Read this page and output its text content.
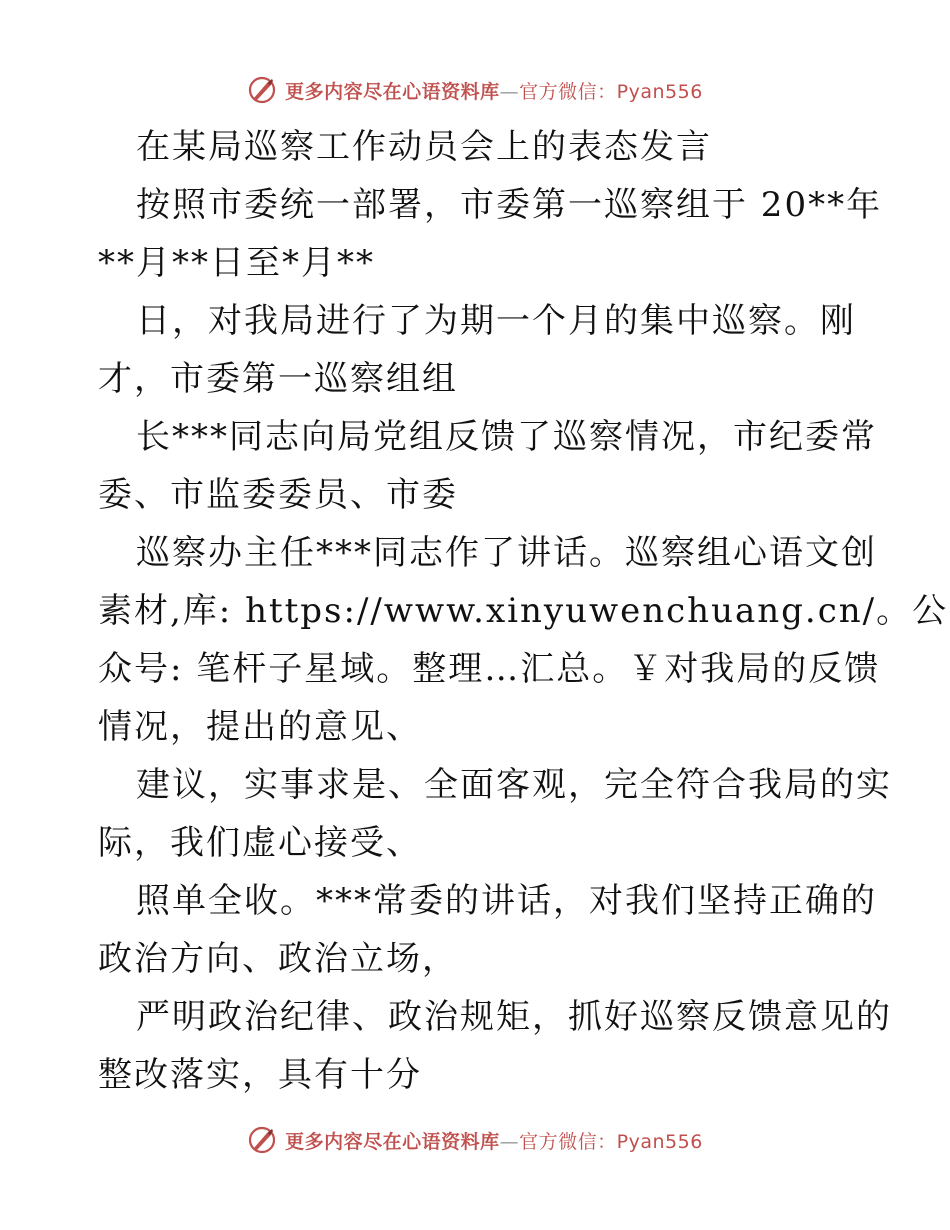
更多内容尽在心语资料库—官方微信：Pyan556
在某局巡察工作动员会上的表态发言
按照市委统一部署，市委第一巡察组于 20**年
**月**日至*月**
日，对我局进行了为期一个月的集中巡察。刚
才，市委第一巡察组组
长***同志向局党组反馈了巡察情况，市纪委常
委、市监委委员、市委
巡察办主任***同志作了讲话。巡察组心语文创
素材,库: https://www.xinyuwenchuang.cn/。公
众号: 笔杆子星域。整理…汇总。￥对我局的反馈
情况，提出的意见、
建议，实事求是、全面客观，完全符合我局的实
际，我们虚心接受、
照单全收。***常委的讲话，对我们坚持正确的
政治方向、政治立场，
严明政治纪律、政治规矩，抓好巡察反馈意见的
整改落实，具有十分
更多内容尽在心语资料库—官方微信：Pyan556
